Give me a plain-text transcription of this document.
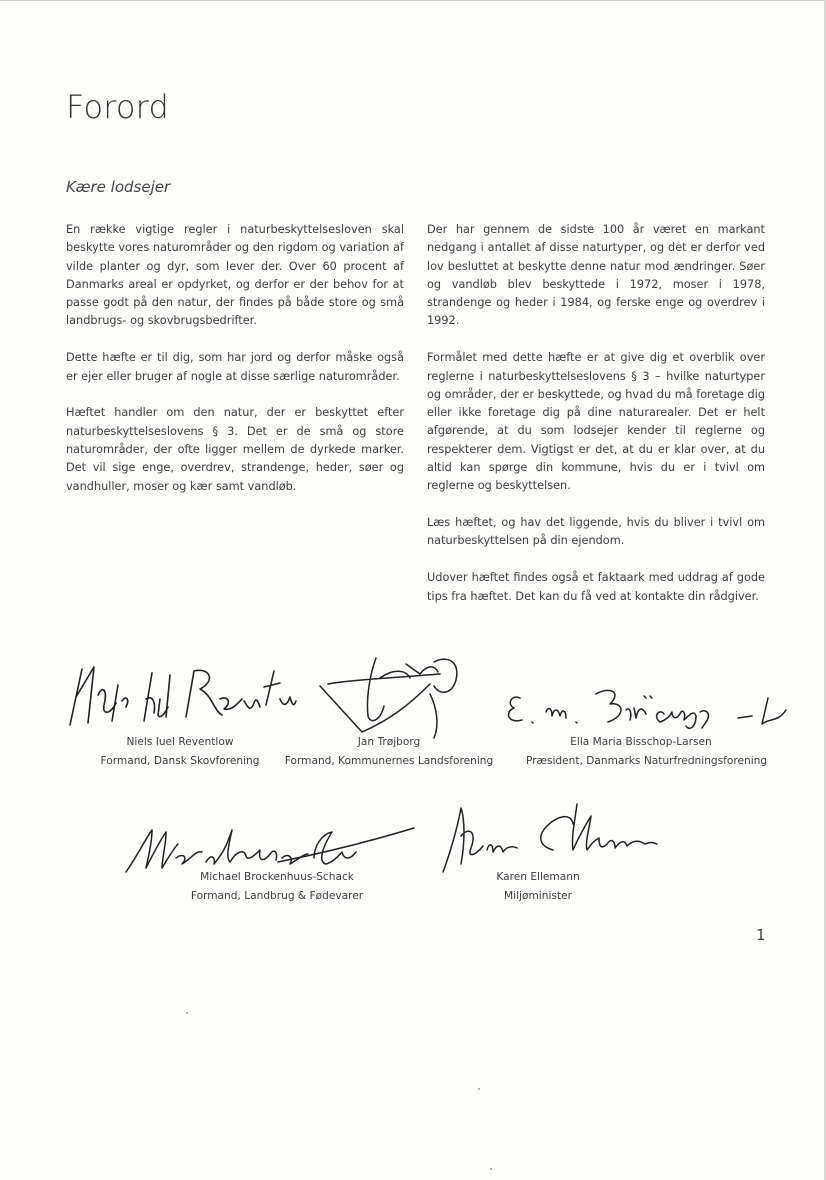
Forord
Kære lodsejer

En række vigtige regler i naturbeskyttelsesloven skal beskytte vores naturområder og den rigdom og variation af vilde planter og dyr, som lever der. Over 60 procent af Danmarks areal er opdyrket, og derfor er der behov for at passe godt på den natur, der findes på både store og små landbrugs- og skovbrugsbedrifter.

Dette hæfte er til dig, som har jord og derfor måske også er ejer eller bruger af nogle at disse særlige naturområder.

Hæftet handler om den natur, der er beskyttet efter naturbeskyttelseslovens § 3. Det er de små og store naturområder, der ofte ligger mellem de dyrkede marker. Det vil sige enge, overdrev, strandenge, heder, søer og vandhuller, moser og kær samt vandløb.

Der har gennem de sidste 100 år været en markant nedgang i antallet af disse naturtyper, og det er derfor ved lov besluttet at beskytte denne natur mod ændringer. Søer og vandløb blev beskyttede i 1972, moser i 1978, strandenge og heder i 1984, og ferske enge og overdrev i 1992.

Formålet med dette hæfte er at give dig et overblik over reglerne i naturbeskyttelseslovens § 3 – hvilke naturtyper og områder, der er beskyttede, og hvad du må foretage dig eller ikke foretage dig på dine naturarealer. Det er helt afgørende, at du som lodsejer kender til reglerne og respekterer dem. Vigtigst er det, at du er klar over, at du altid kan spørge din kommune, hvis du er i tvivl om reglerne og beskyttelsen.

Læs hæftet, og hav det liggende, hvis du bliver i tvivl om naturbeskyttelsen på din ejendom.

Udover hæftet findes også et faktaark med uddrag af gode tips fra hæftet. Det kan du få ved at kontakte din rådgiver.

Niels Iuel Reventlow
Formand, Dansk Skovforening
Jan Trøjborg
Formand, Kommunernes Landsforening
Ella Maria Bisschop-Larsen
Præsident, Danmarks Naturfredningsforening
Michael Brockenhuus-Schack
Formand, Landbrug & Fødevarer
Karen Ellemann
Miljøminister
1
